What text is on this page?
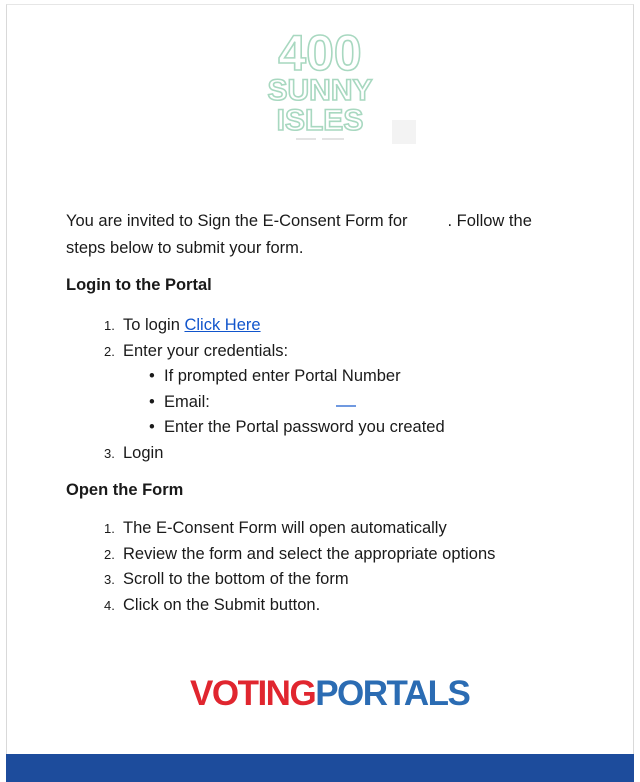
400
SUNNY
ISLES
You are invited to Sign the E-Consent Form for . Follow the steps below to submit your form.
Login to the Portal
1. To login Click Here
2. Enter your credentials:
• If prompted enter Portal Number
• Email:
• Enter the Portal password you created
3. Login
Open the Form
1. The E-Consent Form will open automatically
2. Review the form and select the appropriate options
3. Scroll to the bottom of the form
4. Click on the Submit button.
VOTINGPORTALS
